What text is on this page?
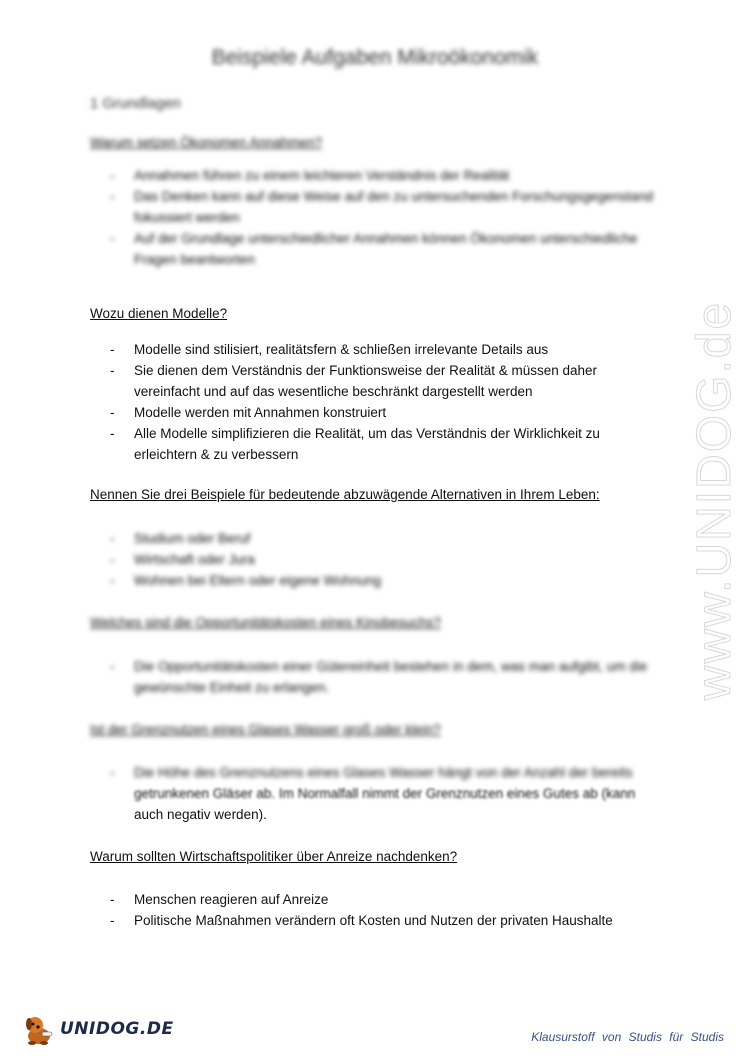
Beispiele Aufgaben Mikroökonomik
1 Grundlagen
Warum setzen Ökonomen Annahmen?
- Annahmen führen zu einem leichteren Verständnis der Realität
- Das Denken kann auf diese Weise auf den zu untersuchenden Forschungsgegenstand fokussiert werden
- Auf der Grundlage unterschiedlicher Annahmen können Ökonomen unterschiedliche Fragen beantworten
Wozu dienen Modelle?
- Modelle sind stilisiert, realitätsfern & schließen irrelevante Details aus
- Sie dienen dem Verständnis der Funktionsweise der Realität & müssen daher vereinfacht und auf das wesentliche beschränkt dargestellt werden
- Modelle werden mit Annahmen konstruiert
- Alle Modelle simplifizieren die Realität, um das Verständnis der Wirklichkeit zu erleichtern & zu verbessern
Nennen Sie drei Beispiele für bedeutende abzuwägende Alternativen in Ihrem Leben:
- Studium oder Beruf
- Wirtschaft oder Jura
- Wohnen bei Eltern oder eigene Wohnung
Welches sind die Opportunitätskosten eines Kinobesuchs?
- Die Opportunitätskosten einer Gütereinheit bestehen in dem, was man aufgibt, um die gewünschte Einheit zu erlangen.
Ist der Grenznutzen eines Glases Wasser groß oder klein?
- Die Höhe des Grenznutzens eines Glases Wasser hängt von der Anzahl der bereits
getrunkenen Gläser ab. Im Normalfall nimmt der Grenznutzen eines Gutes ab (kann
auch negativ werden).
Warum sollten Wirtschaftspolitiker über Anreize nachdenken?
- Menschen reagieren auf Anreize
- Politische Maßnahmen verändern oft Kosten und Nutzen der privaten Haushalte
www.UNIDOG.de
UNIDOG.DE	Klausurstoff von Studis für Studis
